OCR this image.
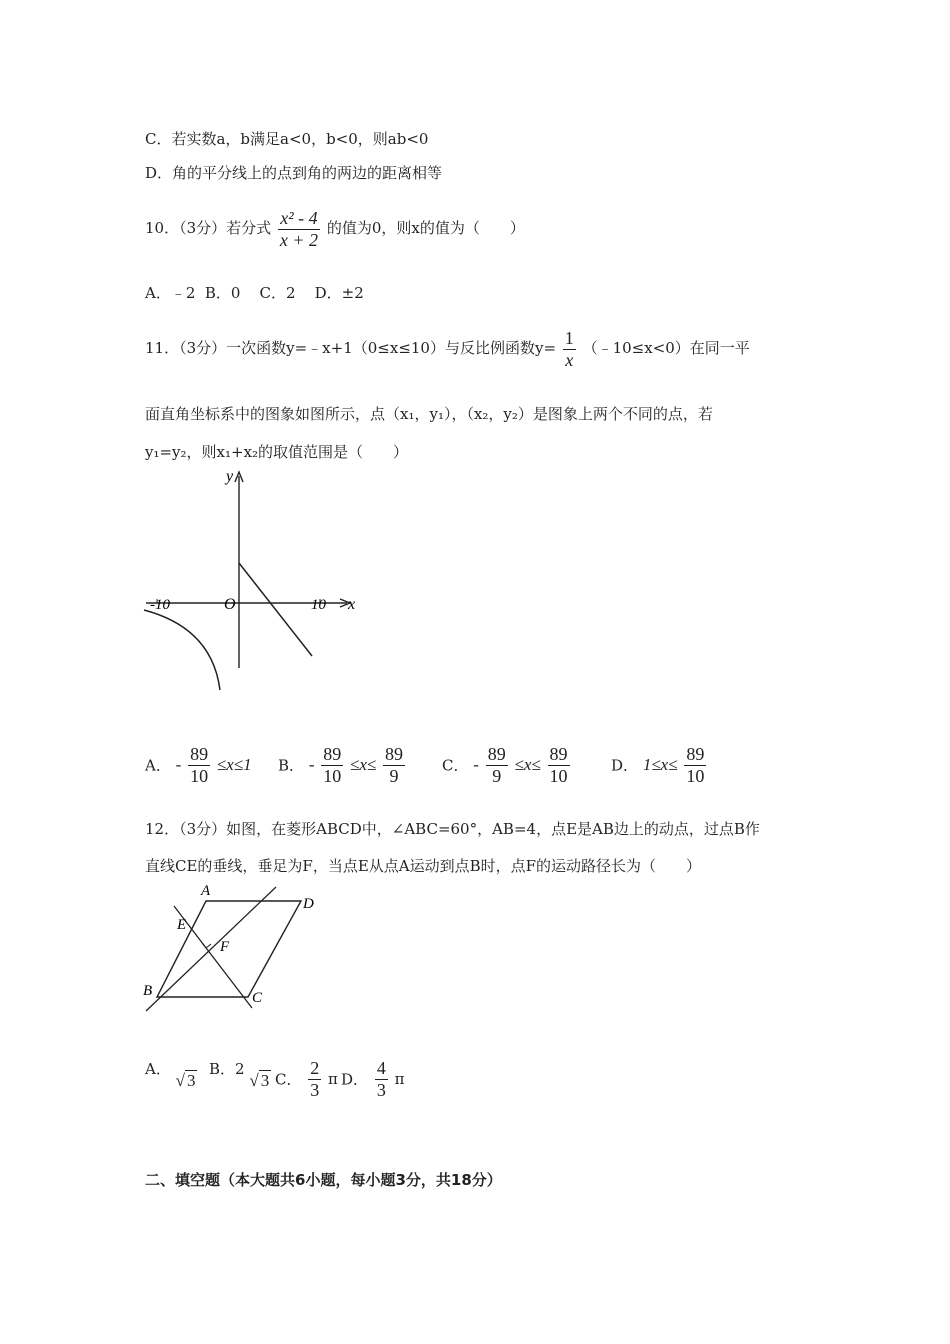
C．若实数a，b满足a<0，b<0，则ab<0
D．角的平分线上的点到角的两边的距离相等
10．（3分）若分式 $\frac{\text{x² - 4}}{x + 2}$ 的值为0，则x的值为（　　）
A．﹣2  B．0    C．2    D．±2
11．（3分）一次函数y=﹣x+1（0≤x≤10）与反比例函数$y= \frac{1}{x}$ （﹣10≤x<0）在同一平
面直角坐标系中的图象如图所示，点（x₁，y₁），（x₂，y₂）是图象上两个不同的点，若
y₁=y₂，则x₁+x₂的取值范围是（　　）
y
x
O
-10	10
A． - $\frac{89}{10} \le x\le 1$ B． - $\frac{89}{10} \le x\le \frac{89}{9}$ C． - $\frac{89}{9} \le x\le \frac{89}{10}$	D． $1\le x\le \frac{89}{10}$
12．（3分）如图，在菱形ABCD中，∠ABC=60°，AB=4，点E是AB边上的动点，过点B作
直线CE的垂线，垂足为F，当点E从点A运动到点B时，点F的运动路径长为（　　）
A
D
E
F
B	C
A． √ 3
B．2 √ 3 C． $\frac{2}{3}$ π D． $\frac{4}{3}$ π
二、填空题（本大题共6小题，每小题3分，共18分）
